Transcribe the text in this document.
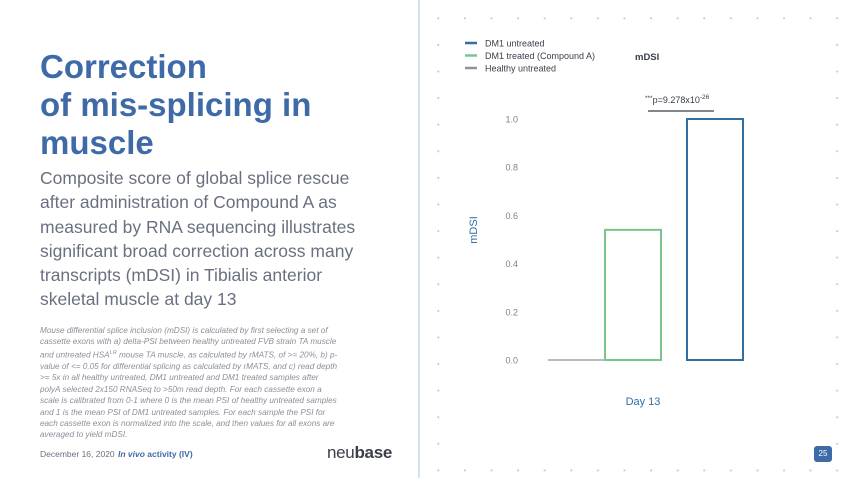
Correction
of mis-splicing in
muscle
Composite score of global splice rescue after administration of Compound A as measured by RNA sequencing illustrates significant broad correction across many transcripts (mDSI) in Tibialis anterior skeletal muscle at day 13
Mouse differential splice inclusion (mDSI) is calculated by first selecting a set of cassette exons with a) delta-PSI between healthy untreated FVB strain TA muscle and untreated $HSA^{LR}$ mouse TA muscle, as calculated by rMATS, of >= 20%, b) p-value of <= 0.05 for differential splicing as calculated by rMATS, and c) read depth >= 5x in all healthy untreated, DM1 untreated and DM1 treated samples after polyA selected 2x150 RNASeq to >50m read depth. For each cassette exon a scale is calibrated from 0-1 where 0 is the mean PSI of healthy untreated samples and 1 is the mean PSI of DM1 untreated samples. For each sample the PSI for each cassette exon is normalized into the scale, and then values for all exons are averaged to yield mDSI.
December 16, 2020 In vivo activity (IV)	neubase
DM1 untreated
DM1 treated (Compound A)
Healthy untreated
mDSI
0.0
0.2
0.4
0.6
0.8
1.0
mDSI
Day 13
$^{***}p=9.278x10^{-26}$
25
